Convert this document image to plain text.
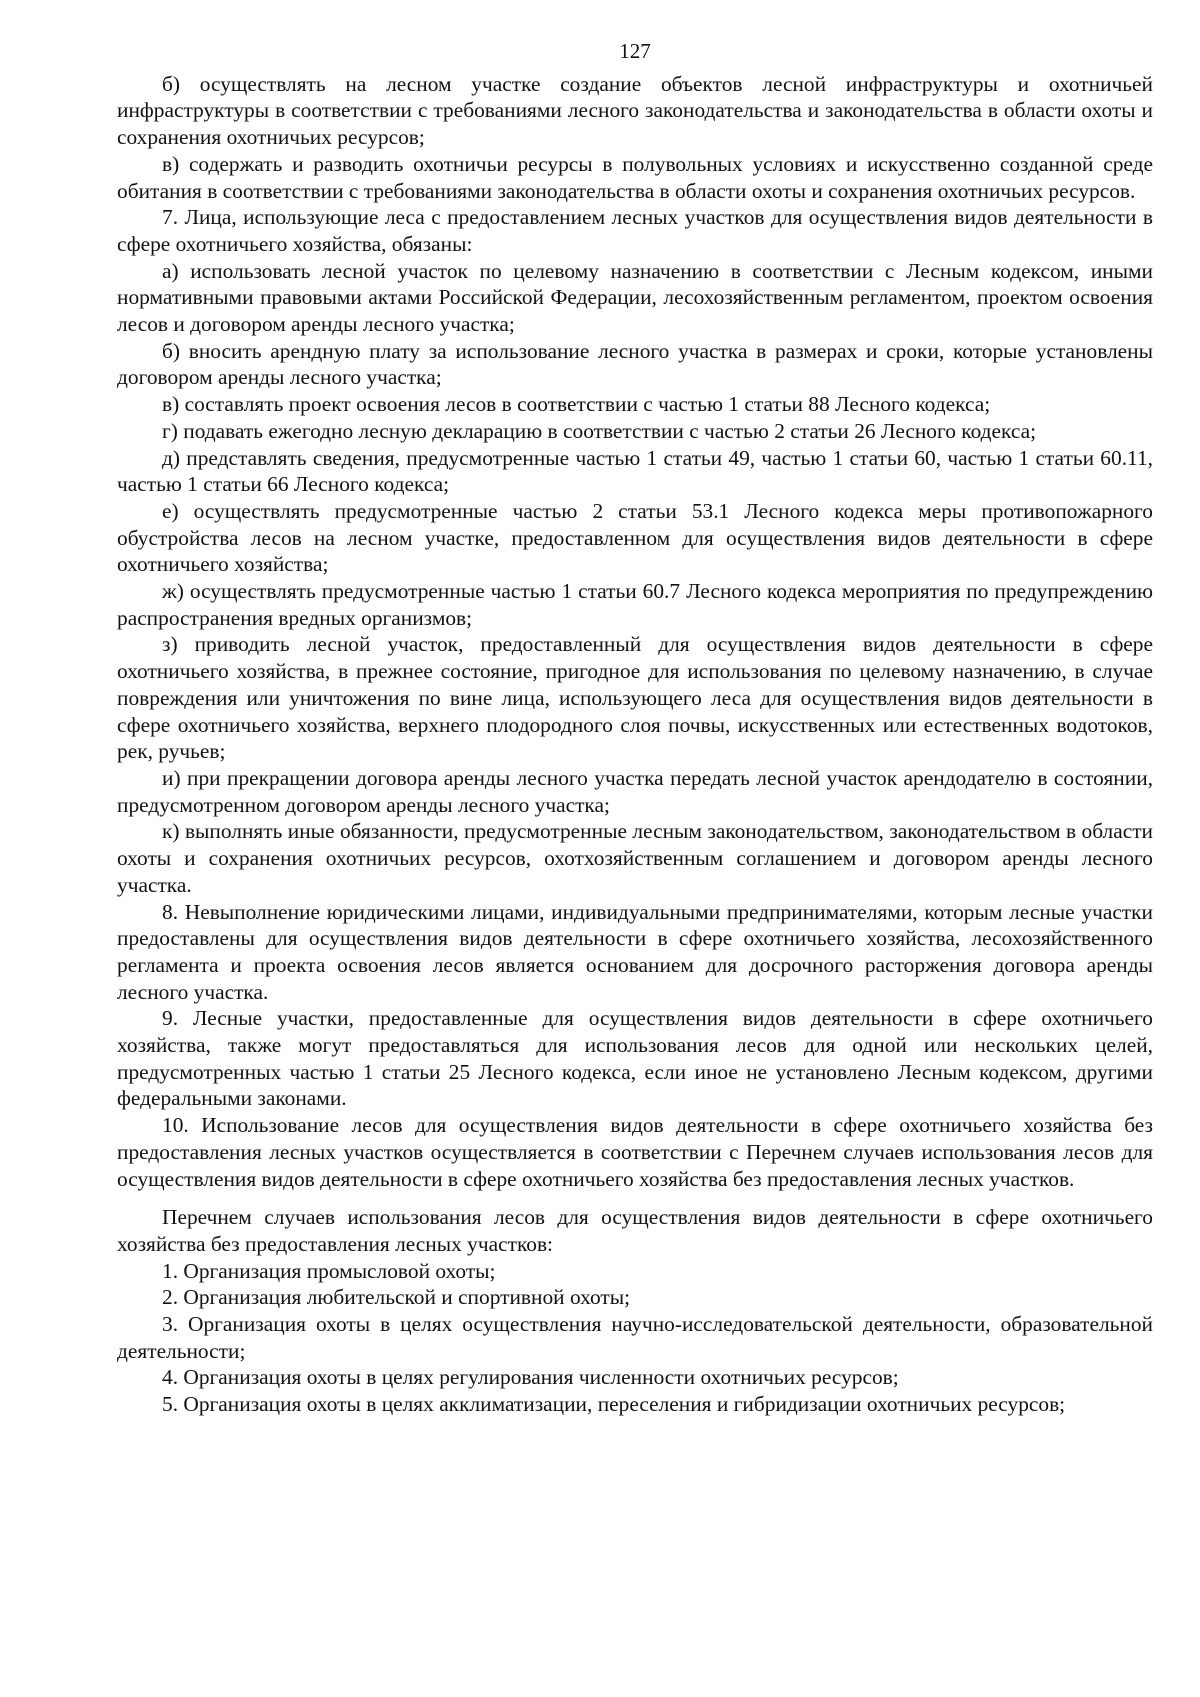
127

б) осуществлять на лесном участке создание объектов лесной инфраструктуры и охотничьей инфраструктуры в соответствии с требованиями лесного законодательства и законодательства в области охоты и сохранения охотничьих ресурсов;

в) содержать и разводить охотничьи ресурсы в полувольных условиях и искусственно созданной среде обитания в соответствии с требованиями законодательства в области охоты и сохранения охотничьих ресурсов.

7. Лица, использующие леса с предоставлением лесных участков для осуществления видов деятельности в сфере охотничьего хозяйства, обязаны:

а) использовать лесной участок по целевому назначению в соответствии с Лесным кодексом, иными нормативными правовыми актами Российской Федерации, лесохозяйственным регламентом, проектом освоения лесов и договором аренды лесного участка;

б) вносить арендную плату за использование лесного участка в размерах и сроки, которые установлены договором аренды лесного участка;

в) составлять проект освоения лесов в соответствии с частью 1 статьи 88 Лесного кодекса;

г) подавать ежегодно лесную декларацию в соответствии с частью 2 статьи 26 Лесного кодекса;

д) представлять сведения, предусмотренные частью 1 статьи 49, частью 1 статьи 60, частью 1 статьи 60.11, частью 1 статьи 66 Лесного кодекса;

е) осуществлять предусмотренные частью 2 статьи 53.1 Лесного кодекса меры противопожарного обустройства лесов на лесном участке, предоставленном для осуществления видов деятельности в сфере охотничьего хозяйства;

ж) осуществлять предусмотренные частью 1 статьи 60.7 Лесного кодекса мероприятия по предупреждению распространения вредных организмов;

з) приводить лесной участок, предоставленный для осуществления видов деятельности в сфере охотничьего хозяйства, в прежнее состояние, пригодное для использования по целевому назначению, в случае повреждения или уничтожения по вине лица, использующего леса для осуществления видов деятельности в сфере охотничьего хозяйства, верхнего плодородного слоя почвы, искусственных или естественных водотоков, рек, ручьев;

и) при прекращении договора аренды лесного участка передать лесной участок арендодателю в состоянии, предусмотренном договором аренды лесного участка;

к) выполнять иные обязанности, предусмотренные лесным законодательством, законодательством в области охоты и сохранения охотничьих ресурсов, охотхозяйственным соглашением и договором аренды лесного участка.

8. Невыполнение юридическими лицами, индивидуальными предпринимателями, которым лесные участки предоставлены для осуществления видов деятельности в сфере охотничьего хозяйства, лесохозяйственного регламента и проекта освоения лесов является основанием для досрочного расторжения договора аренды лесного участка.

9. Лесные участки, предоставленные для осуществления видов деятельности в сфере охотничьего хозяйства, также могут предоставляться для использования лесов для одной или нескольких целей, предусмотренных частью 1 статьи 25 Лесного кодекса, если иное не установлено Лесным кодексом, другими федеральными законами.

10. Использование лесов для осуществления видов деятельности в сфере охотничьего хозяйства без предоставления лесных участков осуществляется в соответствии с Перечнем случаев использования лесов для осуществления видов деятельности в сфере охотничьего хозяйства без предоставления лесных участков.

Перечнем случаев использования лесов для осуществления видов деятельности в сфере охотничьего хозяйства без предоставления лесных участков:

1. Организация промысловой охоты;

2. Организация любительской и спортивной охоты;

3. Организация охоты в целях осуществления научно-исследовательской деятельности, образовательной деятельности;

4. Организация охоты в целях регулирования численности охотничьих ресурсов;

5. Организация охоты в целях акклиматизации, переселения и гибридизации охотничьих ресурсов;
